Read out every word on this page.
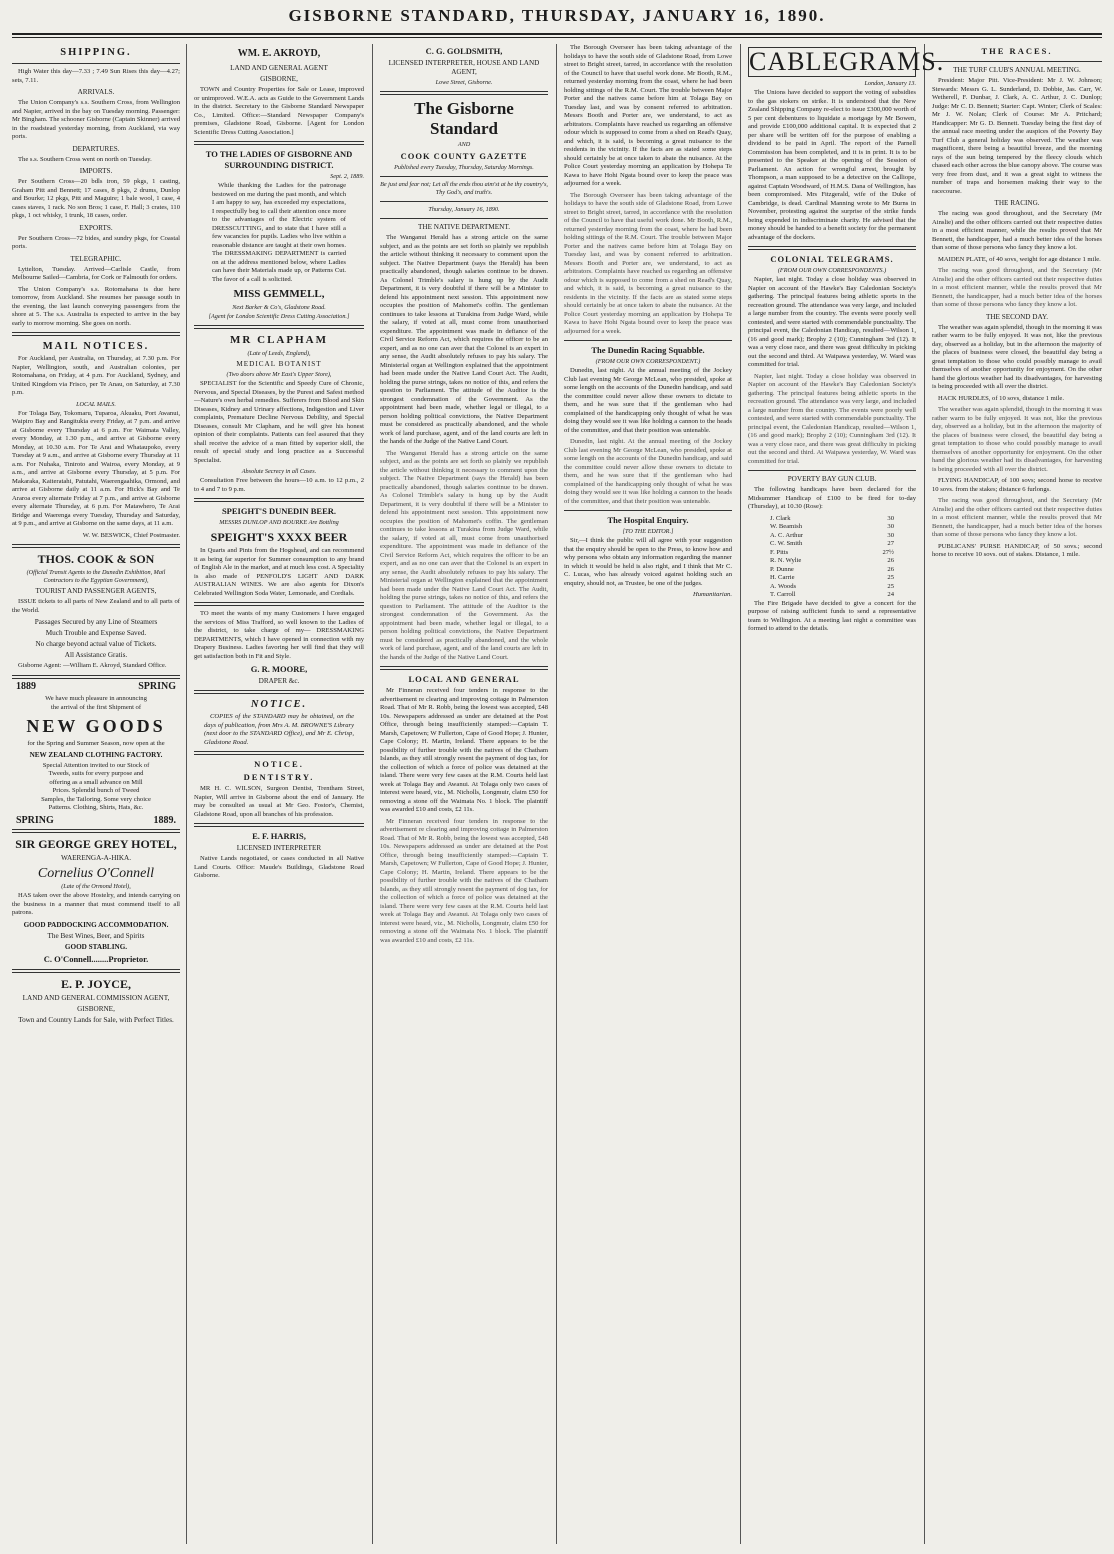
GISBORNE STANDARD, THURSDAY, JANUARY 16, 1890.
SHIPPING.

High Water this day—7.33 ; 7.49 Sun Rises this day—4.27; sets, 7.11.

ARRIVALS.

The Union Company's s.s. Southern Cross, from Wellington and Napier, arrived in the bay on Tuesday morning. Passenger: Mr Bingham. The schooner Gisborne (Captain Skinner) arrived in the roadstead yesterday morning, from Auckland, via way ports.

DEPARTURES.

The s.s. Southern Cross went on north on Tuesday.

IMPORTS.

Per Southern Cross—20 bdls iron, 59 pkgs, 1 casting, Graham Pitt and Bennett; 17 cases, 8 pkgs, 2 drums, Dunlop and Bourke; 12 pkgs, Pitt and Maguire; 1 bale wool, 1 case, 4 cases staves, 1 rack. No son Bros; 1 case, F. Hall; 3 crates, 110 pkgs, 1 oct whisky, 1 trunk, 18 cases, order.

EXPORTS.

Per Southern Cross—72 bides, and sundry pkgs, for Coastal ports.

TELEGRAPHIC.

Lyttelton, Tuesday. Arrived—Carlisle Castle, from Melbourne Sailed—Cambria, for Cork or Falmouth for orders.

The Union Company's s.s. Rotomahana is due here tomorrow, from Auckland. She resumes her passage south in the evening, the last launch conveying passengers from the shore at 5. The s.s. Australia is expected to arrive in the bay early to morrow morning. She goes on north.

MAIL NOTICES.

For Auckland, per Australia, on Thursday, at 7.30 p.m. For Napier, Wellington, south, and Australian colonies, per Rotomahana, on Friday, at 4 p.m. For Auckland, Sydney, and United Kingdom via Frisco, per Te Anau, on Saturday, at 7.30 p.m.

LOCAL MAILS.

For Tolaga Bay, Tokomaru, Tuparoa, Akuaku, Port Awanui, Waipiro Bay and Rangitukia every Friday, at 7 p.m. and arrive at Gisborne every Thursday at 6 p.m. For Waimata Valley, every Monday, at 1.30 p.m., and arrive at Gisborne every Monday, at 10.30 a.m. For Te Arai and Whataupoko, every Tuesday at 9 a.m., and arrive at Gisborne every Thursday at 11 a.m. For Nuhaka, Tiniroto and Wairoa, every Monday, at 9 a.m., and arrive at Gisborne every Thursday, at 5 p.m. For Makaraka, Kaiteratahi, Patutahi, Waerengaahika, Ormond, and arrive at Gisborne daily at 11 a.m. For Hick's Bay and Te Araroa every alternate Friday at 7 p.m., and arrive at Gisborne every alternate Thursday, at 6 p.m. For Matawhero, Te Arai Bridge and Waerenga every Tuesday, Thursday and Saturday, at 9 p.m., and arrive at Gisborne on the same days, at 11 a.m.

W. W. BESWICK, Chief Postmaster.

THOS. COOK & SON
(Official Transit Agents to the Dunedin Exhibition, Mail Contractors to the Egyptian Government),
TOURIST AND PASSENGER AGENTS,

ISSUE tickets to all parts of New Zealand and to all parts of the World.

Passages Secured by any Line of Steamers
Much Trouble and Expense Saved.
No charge beyond actual value of Tickets.
All Assistance Gratis.

Gisborne Agent: —William E. Akroyd, Standard Office.

1889	SPRING

We have much pleasure in announcing the arrival of the first Shipment of

NEW GOODS

for the Spring and Summer Season, now open at the

NEW ZEALAND CLOTHING FACTORY.

Special Attention invited to our Stock of Tweeds, suits for every purpose and offering as a small advance on Mill Prices. Splendid bunch of Tweed Samples, the Tailoring. Some very choice Patterns. Clothing, Shirts, Hats, &c.

SPRING	1889.
SIR GEORGE GREY HOTEL,
WAERENGA-A-HIKA.
Cornelius O'Connell
(Late of the Ormond Hotel),

HAS taken over the above Hostelry, and intends carrying on the business in a manner that must commend itself to all patrons.

GOOD PADDOCKING ACCOMMODATION.
The Best Wines, Beer, and Spirits
GOOD STABLING.
C. O'Connell........Proprietor.
E. P. JOYCE,
LAND AND GENERAL COMMISSION AGENT,
GISBORNE,
Town and Country Lands for Sale, with Perfect Titles.
WM. E. AKROYD,
LAND AND GENERAL AGENT
GISBORNE,

TOWN and Country Properties for Sale or Lease, improved or unimproved. W.E.A. acts as Guide to the Government Lands in the district. Secretary to the Gisborne Standard Newspaper Co., Limited. Office:—Standard Newspaper Company's premises, Gladstone Road, Gisborne. [Agent for London Scientific Dress Cutting Association.]

TO THE LADIES OF GISBORNE AND SURROUNDING DISTRICT.
Sept. 2, 1889.

While thanking the Ladies for the patronage bestowed on me during the past month, and which I am happy to say, has exceeded my expectations, I respectfully beg to call their attention once more to the advantages of the Electric system of DRESSCUTTING, and to state that I have still a few vacancies for pupils. Ladies who live within a reasonable distance are taught at their own homes. The DRESSMAKING DEPARTMENT is carried on at the address mentioned below, where Ladies can have their Materials made up, or Patterns Cut. The favor of a call is solicited.

MISS GEMMELL,
Next Barker & Co's, Gladstone Road.
[Agent for London Scientific Dress Cutting Association.]
MR CLAPHAM
(Late of Leeds, England),
MEDICAL BOTANIST
(Two doors above Mr East's Upper Store),

SPECIALIST for the Scientific and Speedy Cure of Chronic, Nervous, and Special Diseases, by the Purest and Safest method—Nature's own herbal remedies. Sufferers from Blood and Skin Diseases, Kidney and Urinary affections, Indigestion and Liver complaints, Premature Decline Nervous Debility, and Special Diseases, consult Mr Clapham, and he will give his honest opinion of their complaints. Patients can feel assured that they shall receive the advice of a man fitted by superior skill, the result of special study and long practice as a Successful Specialist.

Absolute Secrecy in all Cases.

Consultation Free between the hours—10 a.m. to 12 p.m., 2 to 4 and 7 to 9 p.m.

SPEIGHT'S DUNEDIN BEER.
MESSRS DUNLOP AND BOURKE Are Bottling
SPEIGHT'S XXXX BEER

In Quarts and Pints from the Hogshead, and can recommend it as being far superior for Summer consumption to any brand of English Ale in the market, and at much less cost. A Speciality is also made of PENFOLD'S LIGHT AND DARK AUSTRALIAN WINES. We are also agents for Dixon's Celebrated Wellington Soda Water, Lemonade, and Cordials.

TO meet the wants of my many Customers I have engaged the services of Miss Trafford, so well known to the Ladies of the district, to take charge of my— DRESSMAKING DEPARTMENTS, which I have opened in connection with my Drapery Business. Ladies favoring her will find that they will get satisfaction both in Fit and Style.

G. R. MOORE,
DRAPER &c.
NOTICE.

COPIES of the STANDARD may be obtained, on the days of publication, from Mrs A. M. BROWNE'S Library (next door to the STANDARD Office), and Mr E. Chrisp, Gladstone Road.

NOTICE.
DENTISTRY.

MR H. C. WILSON, Surgeon Dentist, Trentham Street, Napier, Will arrive in Gisborne about the end of January. He may be consulted as usual at Mr Geo. Fostor's, Chemist, Gladstone Road, upon all branches of his profession.

E. F. HARRIS,
LICENSED INTERPRETER

Native Lands negotiated, or cases conducted in all Native Land Courts. Office: Maude's Buildings, Gladstone Road Gisborne.

C. G. GOLDSMITH,
LICENSED INTERPRETER, HOUSE AND LAND AGENT,
Lowe Street, Gisborne.
The Gisborne Standard
AND
COOK COUNTY GAZETTE
Published every Tuesday, Thursday, Saturday Mornings.
Be just and fear not; Let all the ends thou aim'st at be thy country's, Thy God's, and truth's.
Thursday, January 16, 1890.
THE NATIVE DEPARTMENT.

The Wanganui Herald has a strong article on the same subject, and as the points are set forth so plainly we republish the article without thinking it necessary to comment upon the subject. The Native Department (says the Herald) has been practically abandoned, though salaries continue to be drawn. As Colonel Trimble's salary is hung up by the Audit Department, it is very doubtful if there will be a Minister to defend his appointment next session. This appointment now occupies the position of Mahomet's coffin. The gentleman continues to take lessons at Turakina from Judge Ward, while the salary, if voted at all, must come from unauthorised expenditure. The appointment was made in defiance of the Civil Service Reform Act, which requires the officer to be an expert, and as no one can aver that the Colonel is an expert in any sense, the Audit absolutely refuses to pay his salary. The Ministerial organ at Wellington explained that the appointment had been made under the Native Land Court Act. The Audit, holding the purse strings, takes no notice of this, and refers the question to Parliament. The attitude of the Auditor is the strongest condemnation of the Government. As the appointment had been made, whether legal or illegal, to a person holding political convictions, the Native Department must be considered as practically abandoned, and the whole work of land purchase, agent, and of the land courts are left in the hands of the Judge of the Native Land Court.

The Wanganui Herald has a strong article on the same subject, and as the points are set forth so plainly we republish the article without thinking it necessary to comment upon the subject. The Native Department (says the Herald) has been practically abandoned, though salaries continue to be drawn. As Colonel Trimble's salary is hung up by the Audit Department, it is very doubtful if there will be a Minister to defend his appointment next session. This appointment now occupies the position of Mahomet's coffin. The gentleman continues to take lessons at Turakina from Judge Ward, while the salary, if voted at all, must come from unauthorised expenditure. The appointment was made in defiance of the Civil Service Reform Act, which requires the officer to be an expert, and as no one can aver that the Colonel is an expert in any sense, the Audit absolutely refuses to pay his salary. The Ministerial organ at Wellington explained that the appointment had been made under the Native Land Court Act. The Audit, holding the purse strings, takes no notice of this, and refers the question to Parliament. The attitude of the Auditor is the strongest condemnation of the Government. As the appointment had been made, whether legal or illegal, to a person holding political convictions, the Native Department must be considered as practically abandoned, and the whole work of land purchase, agent, and of the land courts are left in the hands of the Judge of the Native Land Court.

LOCAL AND GENERAL

Mr Finneran received four tenders in response to the advertisement re clearing and improving cottage in Palmerston Road. That of Mr R. Robb, being the lowest was accepted, £48 10s. Newspapers addressed as under are detained at the Post Office, through being insufficiently stamped:—Captain T. Marsh, Capetown; W Fullerton, Cape of Good Hope; J. Hunter, Cape Colony; H. Martin, Ireland. There appears to be the possibility of further trouble with the natives of the Chatham Islands, as they still strongly resent the payment of dog tax, for the collection of which a force of police was detained at the island. There were very few cases at the R.M. Courts held last week at Tolaga Bay and Awanui. At Tolaga only two cases of interest were heard, viz., M. Nicholls, Longmuir, claim £50 for removing a stone off the Waimata No. 1 block. The plaintiff was awarded £10 and costs, £2 11s.

Mr Finneran received four tenders in response to the advertisement re clearing and improving cottage in Palmerston Road. That of Mr R. Robb, being the lowest was accepted, £48 10s. Newspapers addressed as under are detained at the Post Office, through being insufficiently stamped:—Captain T. Marsh, Capetown; W Fullerton, Cape of Good Hope; J. Hunter, Cape Colony; H. Martin, Ireland. There appears to be the possibility of further trouble with the natives of the Chatham Islands, as they still strongly resent the payment of dog tax, for the collection of which a force of police was detained at the island. There were very few cases at the R.M. Courts held last week at Tolaga Bay and Awanui. At Tolaga only two cases of interest were heard, viz., M. Nicholls, Longmuir, claim £50 for removing a stone off the Waimata No. 1 block. The plaintiff was awarded £10 and costs, £2 11s.

The Borough Overseer has been taking advantage of the holidays to have the south side of Gladstone Road, from Lowe street to Bright street, tarred, in accordance with the resolution of the Council to have that useful work done. Mr Booth, R.M., returned yesterday morning from the coast, where he had been holding sittings of the R.M. Court. The trouble between Major Porter and the natives came before him at Tolaga Bay on Tuesday last, and was by consent referred to arbitration. Messrs Booth and Porter are, we understand, to act as arbitrators. Complaints have reached us regarding an offensive odour which is supposed to come from a shed on Read's Quay, and which, it is said, is becoming a great nuisance to the residents in the vicinity. If the facts are as stated some steps should certainly be at once taken to abate the nuisance. At the Police Court yesterday morning an application by Hohepa Te Kawa to have Hohi Ngata bound over to keep the peace was adjourned for a week.

The Borough Overseer has been taking advantage of the holidays to have the south side of Gladstone Road, from Lowe street to Bright street, tarred, in accordance with the resolution of the Council to have that useful work done. Mr Booth, R.M., returned yesterday morning from the coast, where he had been holding sittings of the R.M. Court. The trouble between Major Porter and the natives came before him at Tolaga Bay on Tuesday last, and was by consent referred to arbitration. Messrs Booth and Porter are, we understand, to act as arbitrators. Complaints have reached us regarding an offensive odour which is supposed to come from a shed on Read's Quay, and which, it is said, is becoming a great nuisance to the residents in the vicinity. If the facts are as stated some steps should certainly be at once taken to abate the nuisance. At the Police Court yesterday morning an application by Hohepa Te Kawa to have Hohi Ngata bound over to keep the peace was adjourned for a week.

The Dunedin Racing Squabble.
(FROM OUR OWN CORRESPONDENT.)

Dunedin, last night. At the annual meeting of the Jockey Club last evening Mr George McLean, who presided, spoke at some length on the accounts of the Dunedin handicap, and said the committee could never allow these owners to dictate to them, and he was sure that if the gentleman who had complained of the handicapping only thought of what he was doing they would see it was like holding a cannon to the heads of the committee, and that their position was untenable.

Dunedin, last night. At the annual meeting of the Jockey Club last evening Mr George McLean, who presided, spoke at some length on the accounts of the Dunedin handicap, and said the committee could never allow these owners to dictate to them, and he was sure that if the gentleman who had complained of the handicapping only thought of what he was doing they would see it was like holding a cannon to the heads of the committee, and that their position was untenable.

The Hospital Enquiry.
[TO THE EDITOR.]

Sir,—I think the public will all agree with your suggestion that the enquiry should be open to the Press, to know how and why persons who obtain any information regarding the manner in which it would be held is also right, and I think that Mr C. C. Lucas, who has already voiced against holding such an enquiry, should not, as Trustee, be one of the judges.

Humanitarian.

CABLEGRAMS.
London, January 13.

The Unions have decided to support the voting of subsidies to the gas stokers on strike. It is understood that the New Zealand Shipping Company re-elect to issue £300,000 worth of 5 per cent debentures to liquidate a mortgage by Mr Bowen, and provide £100,000 additional capital. It is expected that 2 per share will be written off for the purpose of enabling a dividend to be paid in April. The report of the Parnell Commission has been completed, and it is in print. It is to be presented to the Speaker at the opening of the Session of Parliament. An action for wrongful arrest, brought by Thompson, a man supposed to be a detective on the Calliope, against Captain Woodward, of H.M.S. Dana of Wellington, has been compromised. Mrs Fitzgerald, wife of the Duke of Cambridge, is dead. Cardinal Manning wrote to Mr Burns in November, protesting against the surprise of the strike funds being expended in indiscriminate charity. He advised that the money should be handed to a benefit society for the permanent advantage of the dockers.

COLONIAL TELEGRAMS.
(FROM OUR OWN CORRESPONDENTS.)

Napier, last night. Today a close holiday was observed in Napier on account of the Hawke's Bay Caledonian Society's gathering. The principal features being athletic sports in the recreation ground. The attendance was very large, and included a large number from the country. The events were poorly well contested, and were started with commendable punctuality. The principal event, the Caledonian Handicap, resulted—Wilson 1, (16 and good mark); Brophy 2 (10); Cunningham 3rd (12). It was a very close race, and there was great difficulty in picking out the second and third. At Waipawa yesterday, W. Ward was committed for trial.

Napier, last night. Today a close holiday was observed in Napier on account of the Hawke's Bay Caledonian Society's gathering. The principal features being athletic sports in the recreation ground. The attendance was very large, and included a large number from the country. The events were poorly well contested, and were started with commendable punctuality. The principal event, the Caledonian Handicap, resulted—Wilson 1, (16 and good mark); Brophy 2 (10); Cunningham 3rd (12). It was a very close race, and there was great difficulty in picking out the second and third. At Waipawa yesterday, W. Ward was committed for trial.

POVERTY BAY GUN CLUB.

The following handicaps have been declared for the Midsummer Handicap of £100 to be fired for to-day (Thursday), at 10.30 (Rose):

J. Clark	30
W. Beamish	30
A. C. Arthur	30
C. W. Smith	27
F. Pitts	27½
R. N. Wylie	26
P. Dunne	26
H. Carrie	25
A. Woods	25
T. Carroll	24

The Fire Brigade have decided to give a concert for the purpose of raising sufficient funds to send a representative team to Wellington. At a meeting last night a committee was formed to attend to the details.

THE RACES.
THE TURF CLUB'S ANNUAL MEETING.

President: Major Pitt. Vice-President: Mr J. W. Johnson; Stewards: Messrs G. L. Sunderland, D. Dobbie, Jas. Carr, W. Wetherell, F. Dunbar, J. Clark, A. C. Arthur, J. C. Dunlop; Judge: Mr C. D. Bennett; Starter: Capt. Winter; Clerk of Scales: Mr J. W. Nolan; Clerk of Course: Mr A. Pritchard; Handicapper: Mr G. D. Bennett. Tuesday being the first day of the annual race meeting under the auspices of the Poverty Bay Turf Club a general holiday was observed. The weather was magnificent, there being a beautiful breeze, and the morning rays of the sun being tempered by the fleecy clouds which chased each other across the blue canopy above. The course was very free from dust, and it was a great sight to witness the number of traps and horsemen making their way to the racecourse.

THE RACING.

The racing was good throughout, and the Secretary (Mr Ainslie) and the other officers carried out their respective duties in a most efficient manner, while the results proved that Mr Bennett, the handicapper, had a much better idea of the horses than some of those persons who fancy they know a lot.

MAIDEN PLATE, of 40 sovs, weight for age distance 1 mile.

The racing was good throughout, and the Secretary (Mr Ainslie) and the other officers carried out their respective duties in a most efficient manner, while the results proved that Mr Bennett, the handicapper, had a much better idea of the horses than some of those persons who fancy they know a lot.

THE SECOND DAY.

The weather was again splendid, though in the morning it was rather warm to be fully enjoyed. It was not, like the previous day, observed as a holiday, but in the afternoon the majority of the places of business were closed, the beautiful day being a great temptation to those who could possibly manage to avail themselves of another opportunity for enjoyment. On the other hand the glorious weather had its disadvantages, for harvesting is being proceeded with all over the district.

HACK HURDLES, of 10 sovs, distance 1 mile.

The weather was again splendid, though in the morning it was rather warm to be fully enjoyed. It was not, like the previous day, observed as a holiday, but in the afternoon the majority of the places of business were closed, the beautiful day being a great temptation to those who could possibly manage to avail themselves of another opportunity for enjoyment. On the other hand the glorious weather had its disadvantages, for harvesting is being proceeded with all over the district.

FLYING HANDICAP, of 100 sovs; second horse to receive 10 sovs. from the stakes; distance 6 furlongs.

The racing was good throughout, and the Secretary (Mr Ainslie) and the other officers carried out their respective duties in a most efficient manner, while the results proved that Mr Bennett, the handicapper, had a much better idea of the horses than some of those persons who fancy they know a lot.

PUBLICANS' PURSE HANDICAP, of 50 sovs.; second horse to receive 10 sovs. out of stakes. Distance, 1 mile.
